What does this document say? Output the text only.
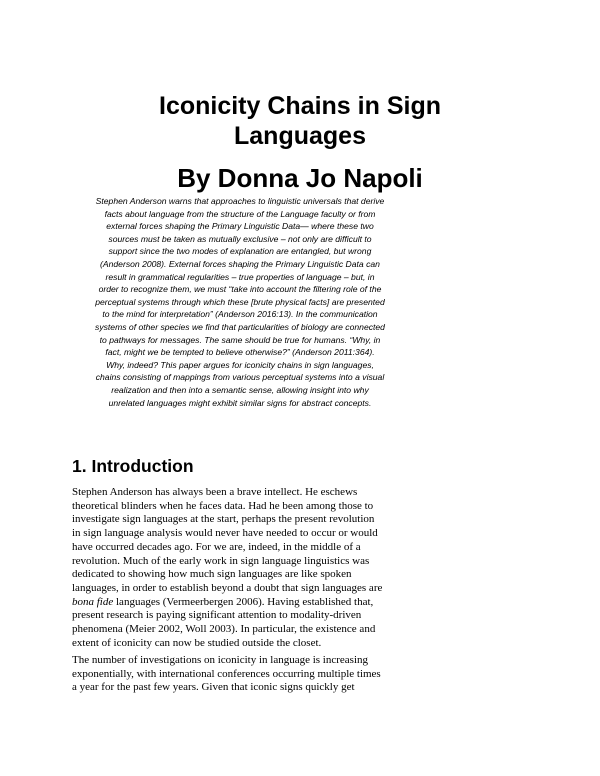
Iconicity Chains in Sign
Languages
By Donna Jo Napoli
Stephen Anderson warns that approaches to linguistic universals that derive
facts about language from the structure of the Language faculty or from
external forces shaping the Primary Linguistic Data— where these two
sources must be taken as mutually exclusive – not only are difficult to
support since the two modes of explanation are entangled, but wrong
(Anderson 2008). External forces shaping the Primary Linguistic Data can
result in grammatical regularities – true properties of language – but, in
order to recognize them, we must “take into account the filtering role of the
perceptual systems through which these [brute physical facts] are presented
to the mind for interpretation” (Anderson 2016:13). In the communication
systems of other species we find that particularities of biology are connected
to pathways for messages. The same should be true for humans. “Why, in
fact, might we be tempted to believe otherwise?” (Anderson 2011:364).
Why, indeed? This paper argues for iconicity chains in sign languages,
chains consisting of mappings from various perceptual systems into a visual
realization and then into a semantic sense, allowing insight into why
unrelated languages might exhibit similar signs for abstract concepts.
1. Introduction
Stephen Anderson has always been a brave intellect. He eschews
theoretical blinders when he faces data. Had he been among those to
investigate sign languages at the start, perhaps the present revolution
in sign language analysis would never have needed to occur or would
have occurred decades ago. For we are, indeed, in the middle of a
revolution. Much of the early work in sign language linguistics was
dedicated to showing how much sign languages are like spoken
languages, in order to establish beyond a doubt that sign languages are
bona fide languages (Vermeerbergen 2006). Having established that,
present research is paying significant attention to modality-driven
phenomena (Meier 2002, Woll 2003). In particular, the existence and
extent of iconicity can now be studied outside the closet.
The number of investigations on iconicity in language is increasing
exponentially, with international conferences occurring multiple times
a year for the past few years. Given that iconic signs quickly get
